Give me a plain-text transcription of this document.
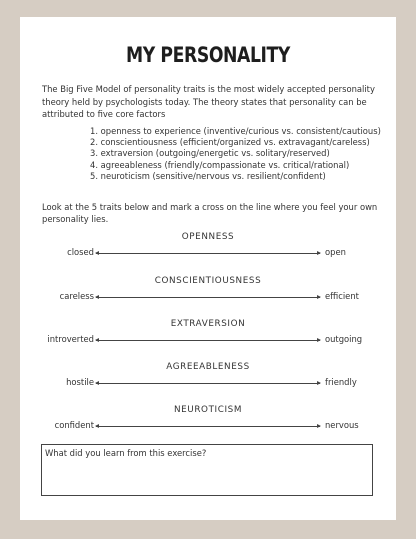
MY PERSONALITY
The Big Five Model of personality traits is the most widely accepted personality theory held by psychologists today. The theory states that personality can be attributed to five core factors
1. openness to experience (inventive/curious vs. consistent/cautious)
2. conscientiousness (efficient/organized vs. extravagant/careless)
3. extraversion (outgoing/energetic vs. solitary/reserved)
4. agreeableness (friendly/compassionate vs. critical/rational)
5. neuroticism (sensitive/nervous vs. resilient/confident)
Look at the 5 traits below and mark a cross on the line where you feel your own personality lies.
OPENNESS
closed	open
CONSCIENTIOUSNESS
careless	efficient
EXTRAVERSION
introverted	outgoing
AGREEABLENESS
hostile	friendly
NEUROTICISM
confident	nervous
What did you learn from this exercise?
